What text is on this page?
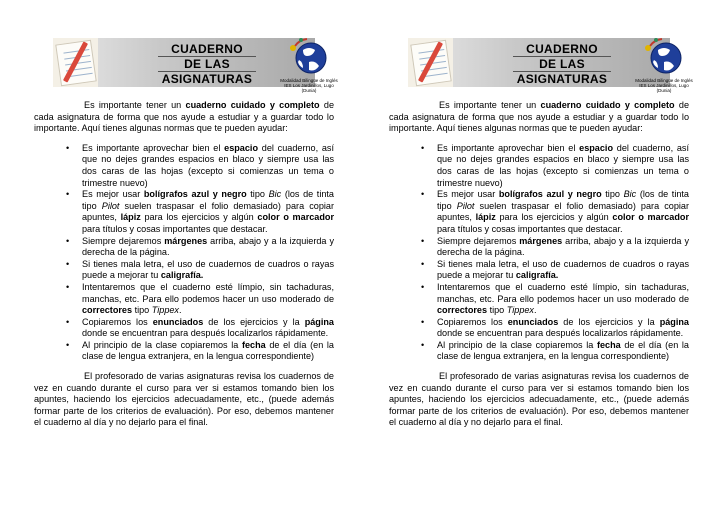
CUADERNO
DE LAS
ASIGNATURAS	Modalidad Bilingüe de Inglés
IES Los Jardinillos, Lugo (Dunia)

Es importante tener un cuaderno cuidado y completo de cada asignatura de forma que nos ayude a estudiar y a guardar todo lo importante. Aquí tienes algunas normas que te pueden ayudar:

• Es importante aprovechar bien el espacio del cuaderno, así que no dejes grandes espacios en blaco y siempre usa las dos caras de las hojas (excepto si comienzas un tema o trimestre nuevo)
• Es mejor usar bolígrafos azul y negro tipo Bic (los de tinta tipo Pilot suelen traspasar el folio demasiado) para copiar apuntes, lápiz para los ejercicios y algún color o marcador para títulos y cosas importantes que destacar.
• Siempre dejaremos márgenes arriba, abajo y a la izquierda y derecha de la página.
• Si tienes mala letra, el uso de cuadernos de cuadros o rayas puede a mejorar tu caligrafía.
• Intentaremos que el cuaderno esté límpio, sin tachaduras, manchas, etc. Para ello podemos hacer un uso moderado de correctores tipo Tippex.
• Copiaremos los enunciados de los ejercicios y la página donde se encuentran para después localizarlos rápidamente.
• Al principio de la clase copiaremos la fecha de el día (en la clase de lengua extranjera, en la lengua correspondiente)

El profesorado de varias asignaturas revisa los cuadernos de vez en cuando durante el curso para ver si estamos tomando bien los apuntes, haciendo los ejercicios adecuadamente, etc., (puede además formar parte de los criterios de evaluación). Por eso, debemos mantener el cuaderno al día y no dejarlo para el final.

CUADERNO
DE LAS
ASIGNATURAS	Modalidad Bilingüe de Inglés
IES Los Jardinillos, Lugo (Dunia)

Es importante tener un cuaderno cuidado y completo de cada asignatura de forma que nos ayude a estudiar y a guardar todo lo importante. Aquí tienes algunas normas que te pueden ayudar:

• Es importante aprovechar bien el espacio del cuaderno, así que no dejes grandes espacios en blaco y siempre usa las dos caras de las hojas (excepto si comienzas un tema o trimestre nuevo)
• Es mejor usar bolígrafos azul y negro tipo Bic (los de tinta tipo Pilot suelen traspasar el folio demasiado) para copiar apuntes, lápiz para los ejercicios y algún color o marcador para títulos y cosas importantes que destacar.
• Siempre dejaremos márgenes arriba, abajo y a la izquierda y derecha de la página.
• Si tienes mala letra, el uso de cuadernos de cuadros o rayas puede a mejorar tu caligrafía.
• Intentaremos que el cuaderno esté límpio, sin tachaduras, manchas, etc. Para ello podemos hacer un uso moderado de correctores tipo Tippex.
• Copiaremos los enunciados de los ejercicios y la página donde se encuentran para después localizarlos rápidamente.
• Al principio de la clase copiaremos la fecha de el día (en la clase de lengua extranjera, en la lengua correspondiente)

El profesorado de varias asignaturas revisa los cuadernos de vez en cuando durante el curso para ver si estamos tomando bien los apuntes, haciendo los ejercicios adecuadamente, etc., (puede además formar parte de los criterios de evaluación). Por eso, debemos mantener el cuaderno al día y no dejarlo para el final.
